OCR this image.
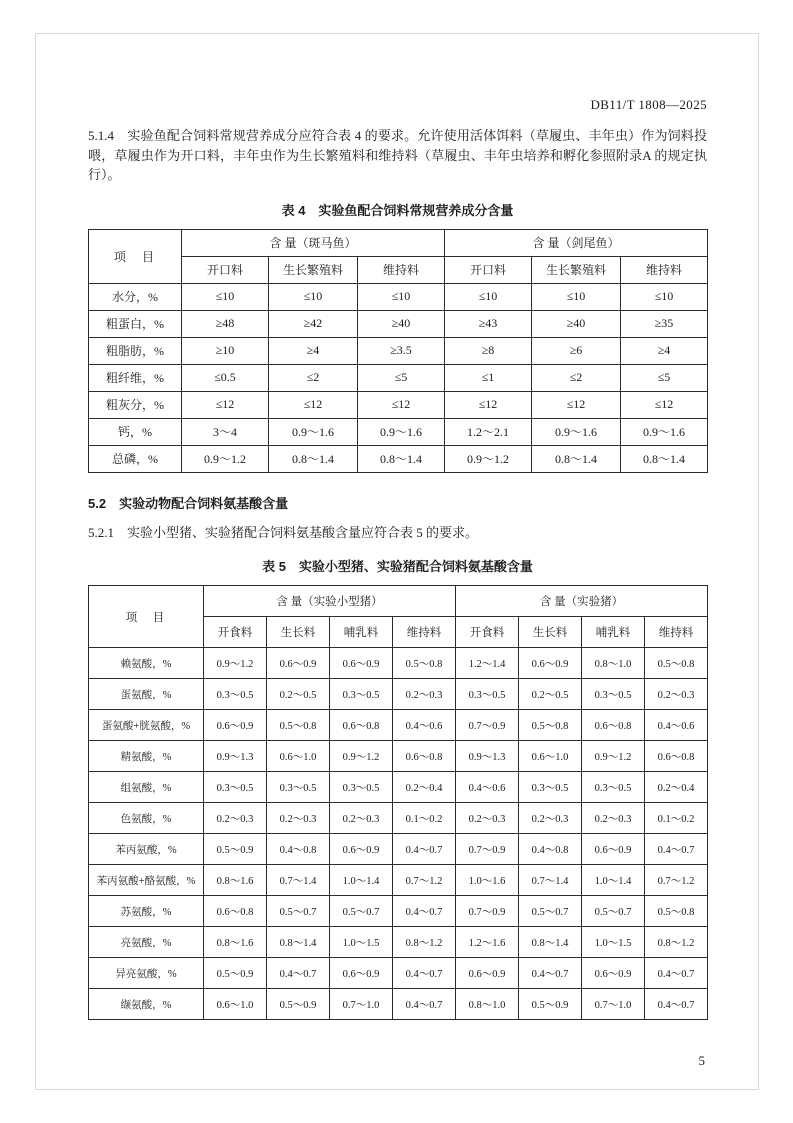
DB11/T 1808—2025

5.1.4　实验鱼配合饲料常规营养成分应符合表 4 的要求。允许使用活体饵料（草履虫、丰年虫）作为饲料投喂，草履虫作为开口料，丰年虫作为生长繁殖料和维持料（草履虫、丰年虫培养和孵化参照附录A 的规定执行）。

表 4　实验鱼配合饲料常规营养成分含量

项　目	含 量（斑马鱼）			含 量（剑尾鱼）		
	开口料	生长繁殖料	维持料	开口料	生长繁殖料	维持料
水分，%	≤10	≤10	≤10	≤10	≤10	≤10
粗蛋白，%	≥48	≥42	≥40	≥43	≥40	≥35
粗脂肪，%	≥10	≥4	≥3.5	≥8	≥6	≥4
粗纤维，%	≤0.5	≤2	≤5	≤1	≤2	≤5
粗灰分，%	≤12	≤12	≤12	≤12	≤12	≤12
钙，%	3～4	0.9～1.6	0.9～1.6	1.2～2.1	0.9～1.6	0.9～1.6
总磷，%	0.9～1.2	0.8～1.4	0.8～1.4	0.9～1.2	0.8～1.4	0.8～1.4

5.2　实验动物配合饲料氨基酸含量

5.2.1　实验小型猪、实验猪配合饲料氨基酸含量应符合表 5 的要求。

表 5　实验小型猪、实验猪配合饲料氨基酸含量

项　目	含 量（实验小型猪）				含 量（实验猪）			
	开食料	生长料	哺乳料	维持料	开食料	生长料	哺乳料	维持料
赖氨酸，%	0.9～1.2	0.6～0.9	0.6～0.9	0.5～0.8	1.2～1.4	0.6～0.9	0.8～1.0	0.5～0.8
蛋氨酸，%	0.3～0.5	0.2～0.5	0.3～0.5	0.2～0.3	0.3～0.5	0.2～0.5	0.3～0.5	0.2～0.3
蛋氨酸+胱氨酸，%	0.6～0.9	0.5～0.8	0.6～0.8	0.4～0.6	0.7～0.9	0.5～0.8	0.6～0.8	0.4～0.6
精氨酸，%	0.9～1.3	0.6～1.0	0.9～1.2	0.6～0.8	0.9～1.3	0.6～1.0	0.9～1.2	0.6～0.8
组氨酸，%	0.3～0.5	0.3～0.5	0.3～0.5	0.2～0.4	0.4～0.6	0.3～0.5	0.3～0.5	0.2～0.4
色氨酸，%	0.2～0.3	0.2～0.3	0.2～0.3	0.1～0.2	0.2～0.3	0.2～0.3	0.2～0.3	0.1～0.2
苯丙氨酸，%	0.5～0.9	0.4～0.8	0.6～0.9	0.4～0.7	0.7～0.9	0.4～0.8	0.6～0.9	0.4～0.7
苯丙氨酸+酪氨酸，%	0.8～1.6	0.7～1.4	1.0～1.4	0.7～1.2	1.0～1.6	0.7～1.4	1.0～1.4	0.7～1.2
苏氨酸，%	0.6～0.8	0.5～0.7	0.5～0.7	0.4～0.7	0.7～0.9	0.5～0.7	0.5～0.7	0.5～0.8
亮氨酸，%	0.8～1.6	0.8～1.4	1.0～1.5	0.8～1.2	1.2～1.6	0.8～1.4	1.0～1.5	0.8～1.2
异亮氨酸，%	0.5～0.9	0.4～0.7	0.6～0.9	0.4～0.7	0.6～0.9	0.4～0.7	0.6～0.9	0.4～0.7
缬氨酸，%	0.6～1.0	0.5～0.9	0.7～1.0	0.4～0.7	0.8～1.0	0.5～0.9	0.7～1.0	0.4～0.7
5
